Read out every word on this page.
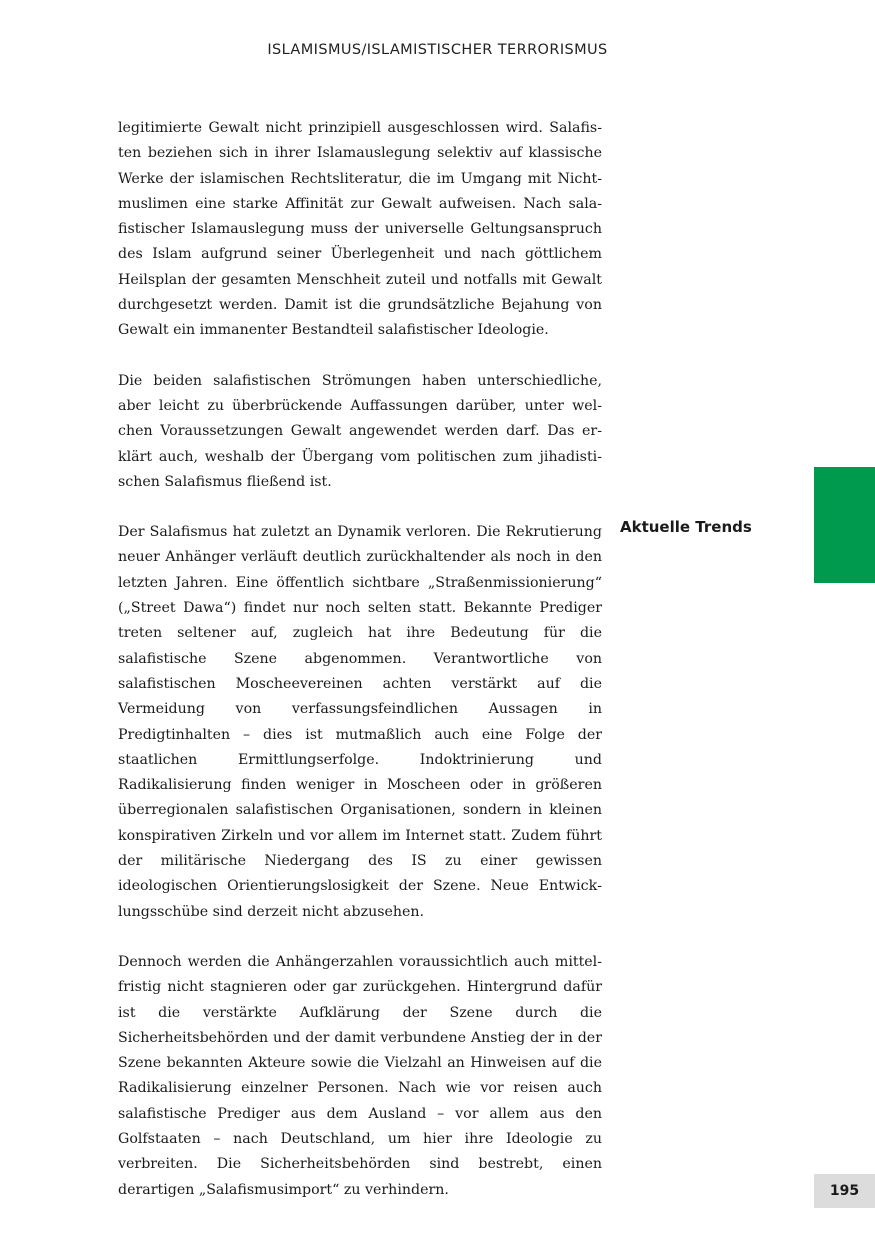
ISLAMISMUS/ISLAMISTISCHER TERRORISMUS

legitimierte Gewalt nicht prinzipiell ausgeschlossen wird. Salafisten beziehen sich in ihrer Islamauslegung selektiv auf klassische Werke der islamischen Rechtsliteratur, die im Umgang mit Nichtmuslimen eine starke Affinität zur Gewalt aufweisen. Nach salafistischer Islamauslegung muss der universelle Geltungsanspruch des Islam aufgrund seiner Überlegenheit und nach göttlichem Heilsplan der gesamten Menschheit zuteil und notfalls mit Gewalt durchgesetzt werden. Damit ist die grundsätzliche Bejahung von Gewalt ein immanenter Bestandteil salafistischer Ideologie.

Die beiden salafistischen Strömungen haben unterschiedliche, aber leicht zu überbrückende Auffassungen darüber, unter welchen Voraussetzungen Gewalt angewendet werden darf. Das erklärt auch, weshalb der Übergang vom politischen zum jihadistischen Salafismus fließend ist.

Der Salafismus hat zuletzt an Dynamik verloren. Die Rekrutierung neuer Anhänger verläuft deutlich zurückhaltender als noch in den letzten Jahren. Eine öffentlich sichtbare „Straßenmissionierung“ („Street Dawa“) findet nur noch selten statt. Bekannte Prediger treten seltener auf, zugleich hat ihre Bedeutung für die salafistische Szene abgenommen. Verantwortliche von salafistischen Moscheevereinen achten verstärkt auf die Vermeidung von verfassungsfeindlichen Aussagen in Predigtinhalten – dies ist mutmaßlich auch eine Folge der staatlichen Ermittlungserfolge. Indoktrinierung und Radikalisierung finden weniger in Moscheen oder in größeren überregionalen salafistischen Organisationen, sondern in kleinen konspirativen Zirkeln und vor allem im Internet statt. Zudem führt der militärische Niedergang des IS zu einer gewissen ideologischen Orientierungslosigkeit der Szene. Neue Entwicklungsschübe sind derzeit nicht abzusehen.

Dennoch werden die Anhängerzahlen voraussichtlich auch mittelfristig nicht stagnieren oder gar zurückgehen. Hintergrund dafür ist die verstärkte Aufklärung der Szene durch die Sicherheitsbehörden und der damit verbundene Anstieg der in der Szene bekannten Akteure sowie die Vielzahl an Hinweisen auf die Radikalisierung einzelner Personen. Nach wie vor reisen auch salafistische Prediger aus dem Ausland – vor allem aus den Golfstaaten – nach Deutschland, um hier ihre Ideologie zu verbreiten. Die Sicherheitsbehörden sind bestrebt, einen derartigen „Salafismusimport“ zu verhindern.

Aktuelle Trends
195
